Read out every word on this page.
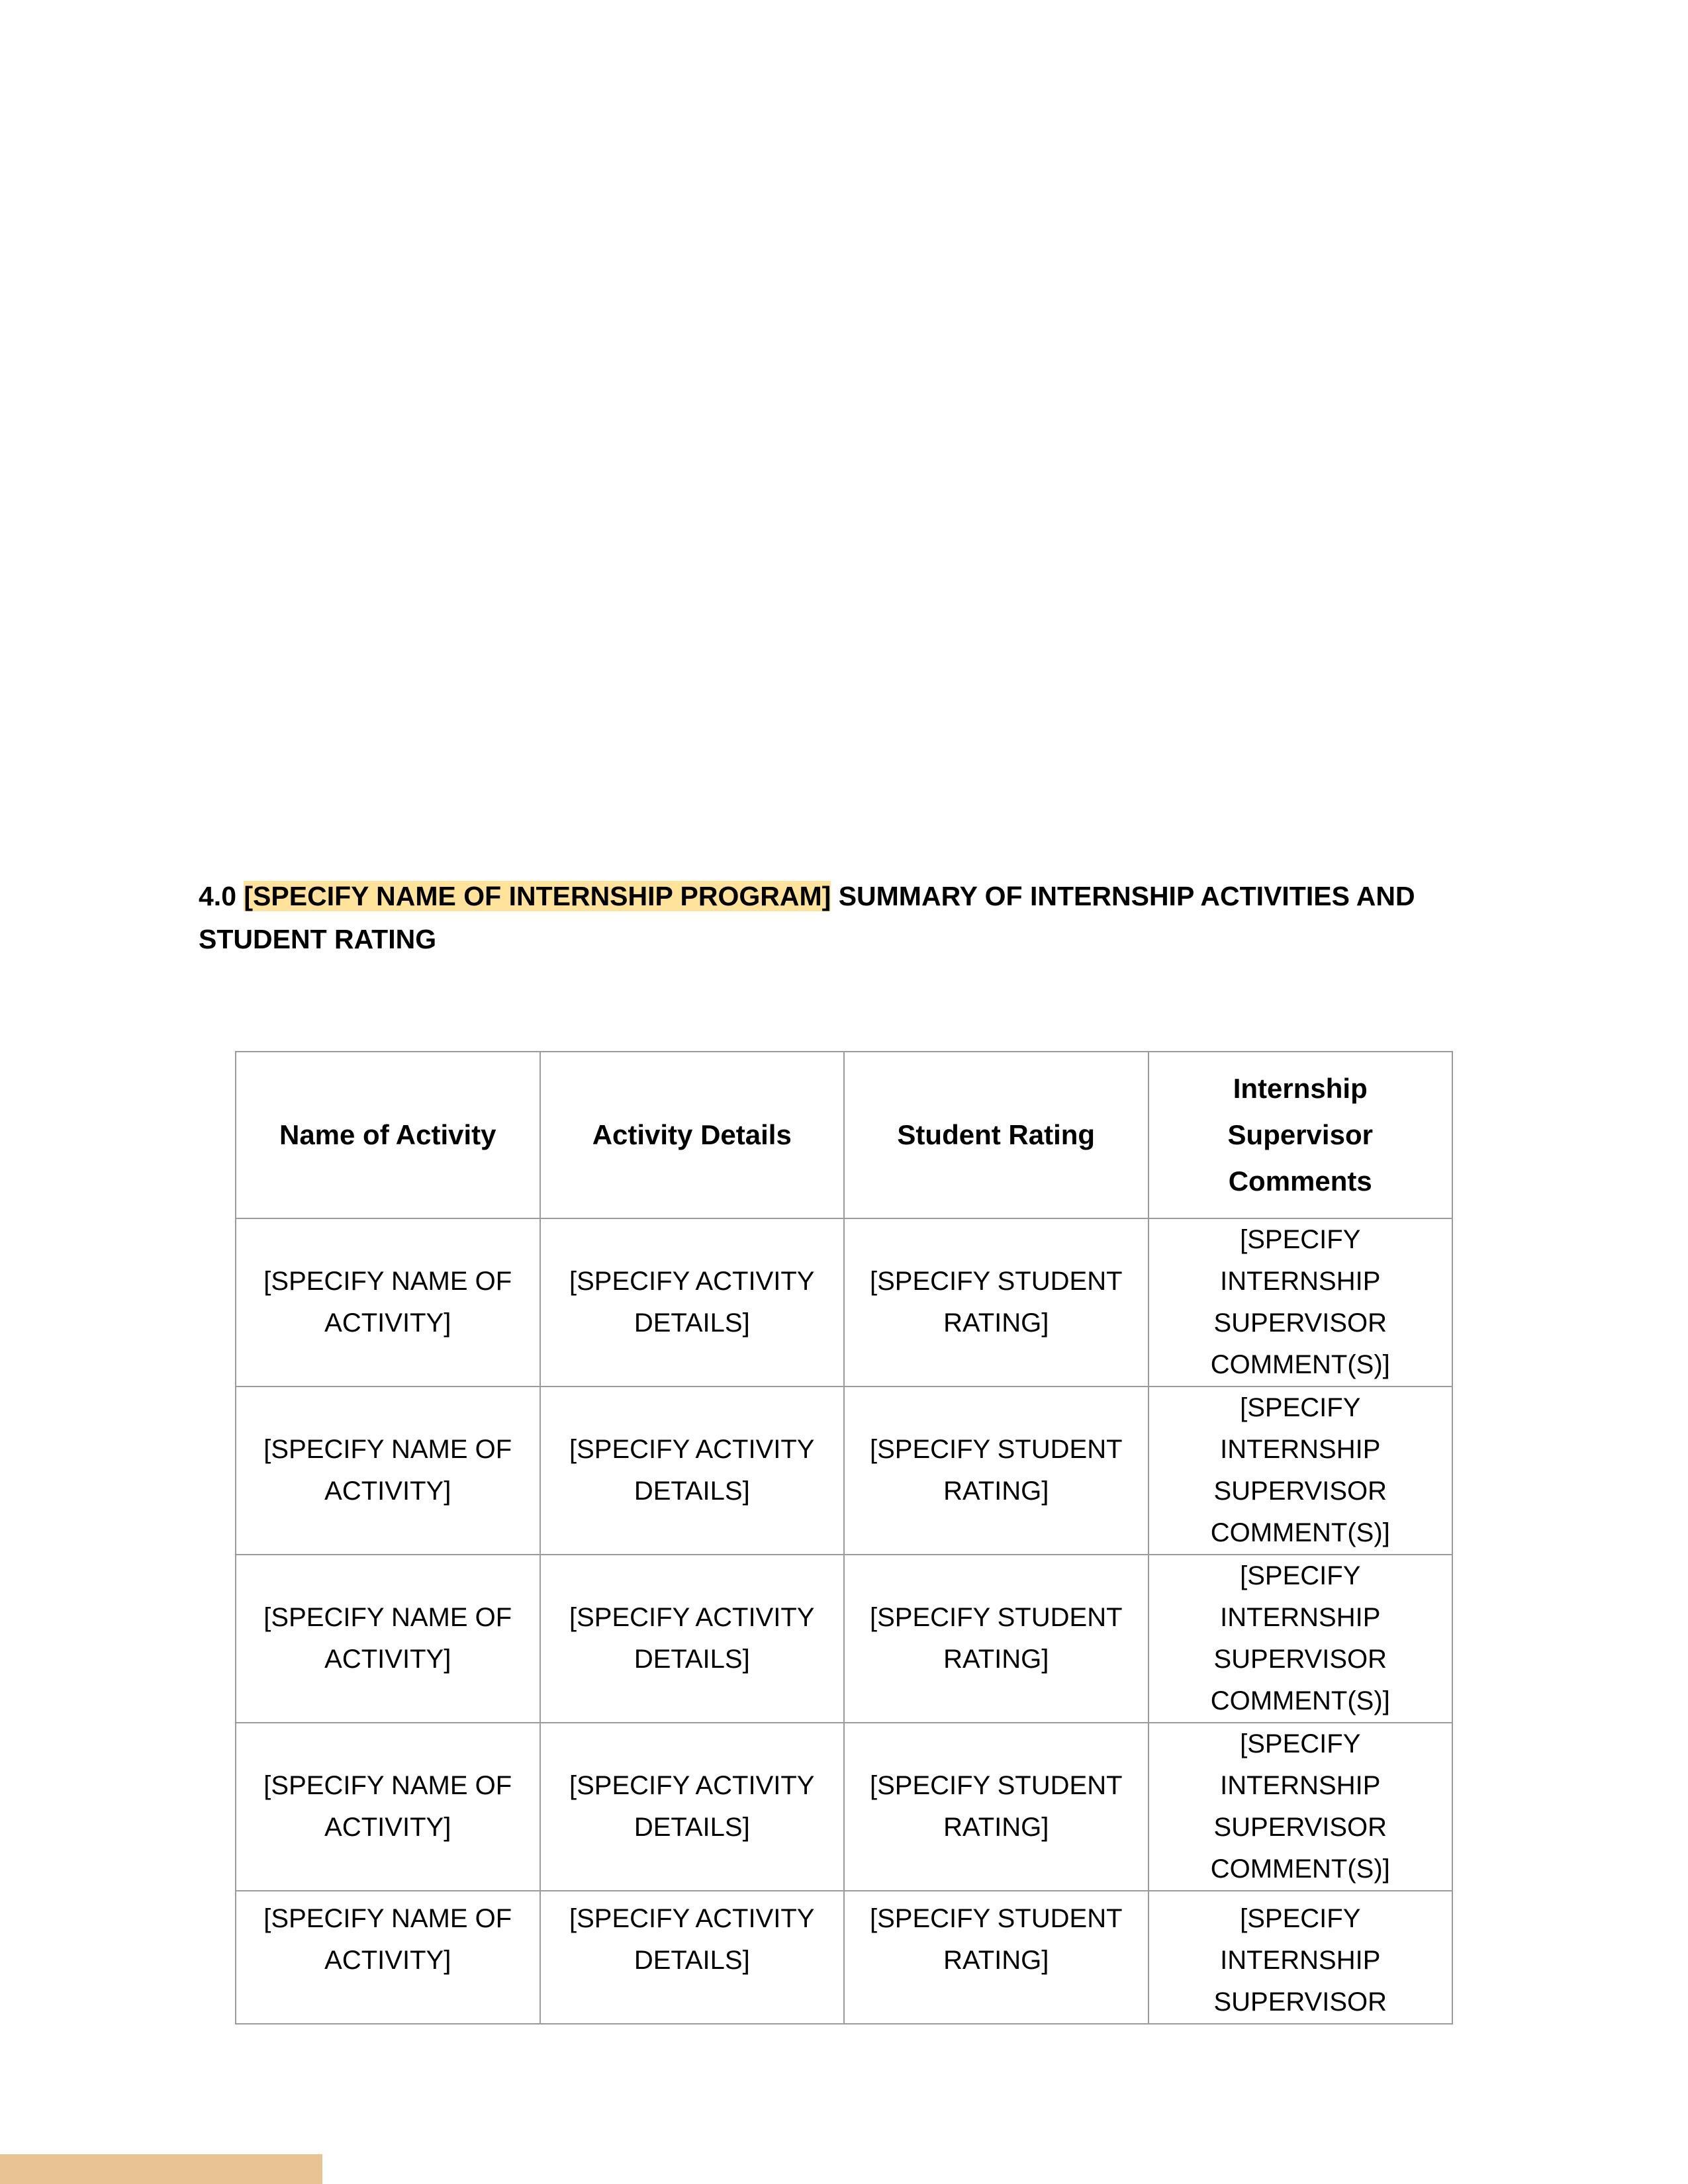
4.0 [SPECIFY NAME OF INTERNSHIP PROGRAM] SUMMARY OF INTERNSHIP ACTIVITIES AND STUDENT RATING

Name of Activity	Activity Details	Student Rating	Internship Supervisor Comments
[SPECIFY NAME OF ACTIVITY]	[SPECIFY ACTIVITY DETAILS]	[SPECIFY STUDENT RATING]	[SPECIFY INTERNSHIP SUPERVISOR COMMENT(S)]
[SPECIFY NAME OF ACTIVITY]	[SPECIFY ACTIVITY DETAILS]	[SPECIFY STUDENT RATING]	[SPECIFY INTERNSHIP SUPERVISOR COMMENT(S)]
[SPECIFY NAME OF ACTIVITY]	[SPECIFY ACTIVITY DETAILS]	[SPECIFY STUDENT RATING]	[SPECIFY INTERNSHIP SUPERVISOR COMMENT(S)]
[SPECIFY NAME OF ACTIVITY]	[SPECIFY ACTIVITY DETAILS]	[SPECIFY STUDENT RATING]	[SPECIFY INTERNSHIP SUPERVISOR COMMENT(S)]
[SPECIFY NAME OF ACTIVITY]	[SPECIFY ACTIVITY DETAILS]	[SPECIFY STUDENT RATING]	[SPECIFY INTERNSHIP SUPERVISOR
